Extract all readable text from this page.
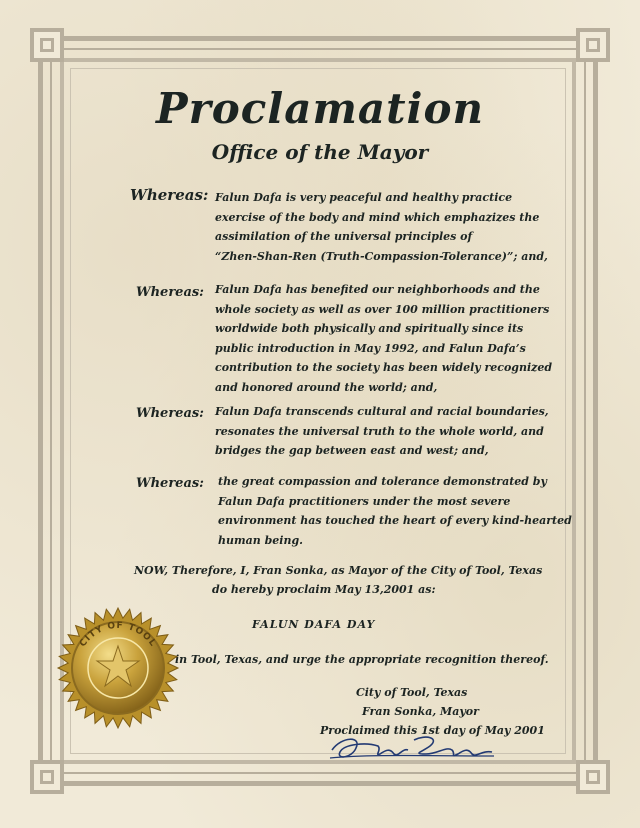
Proclamation
Office of the Mayor
Whereas: Falun Dafa is very peaceful and healthy practice
exercise of the body and mind which emphazizes the
assimilation of the universal principles of
“Zhen-Shan-Ren (Truth-Compassion-Tolerance)”; and,
Whereas: Falun Dafa has benefited our neighborhoods and the
whole society as well as over 100 million practitioners
worldwide both physically and spiritually since its
public introduction in May 1992, and Falun Dafa’s
contribution to the society has been widely recognized
and honored around the world; and,
Whereas: Falun Dafa transcends cultural and racial boundaries,
resonates the universal truth to the whole world, and
bridges the gap between east and west; and,
Whereas: the great compassion and tolerance demonstrated by
Falun Dafa practitioners under the most severe
environment has touched the heart of every kind-hearted
human being.
NOW, Therefore, I, Fran Sonka, as Mayor of the City of Tool, Texas
do hereby proclaim May 13,2001 as:
FALUN DAFA DAY
in Tool, Texas, and urge the appropriate recognition thereof.
City of Tool, Texas
Fran Sonka, Mayor
Proclaimed this 1st day of May 2001
CITY OF TOOL
